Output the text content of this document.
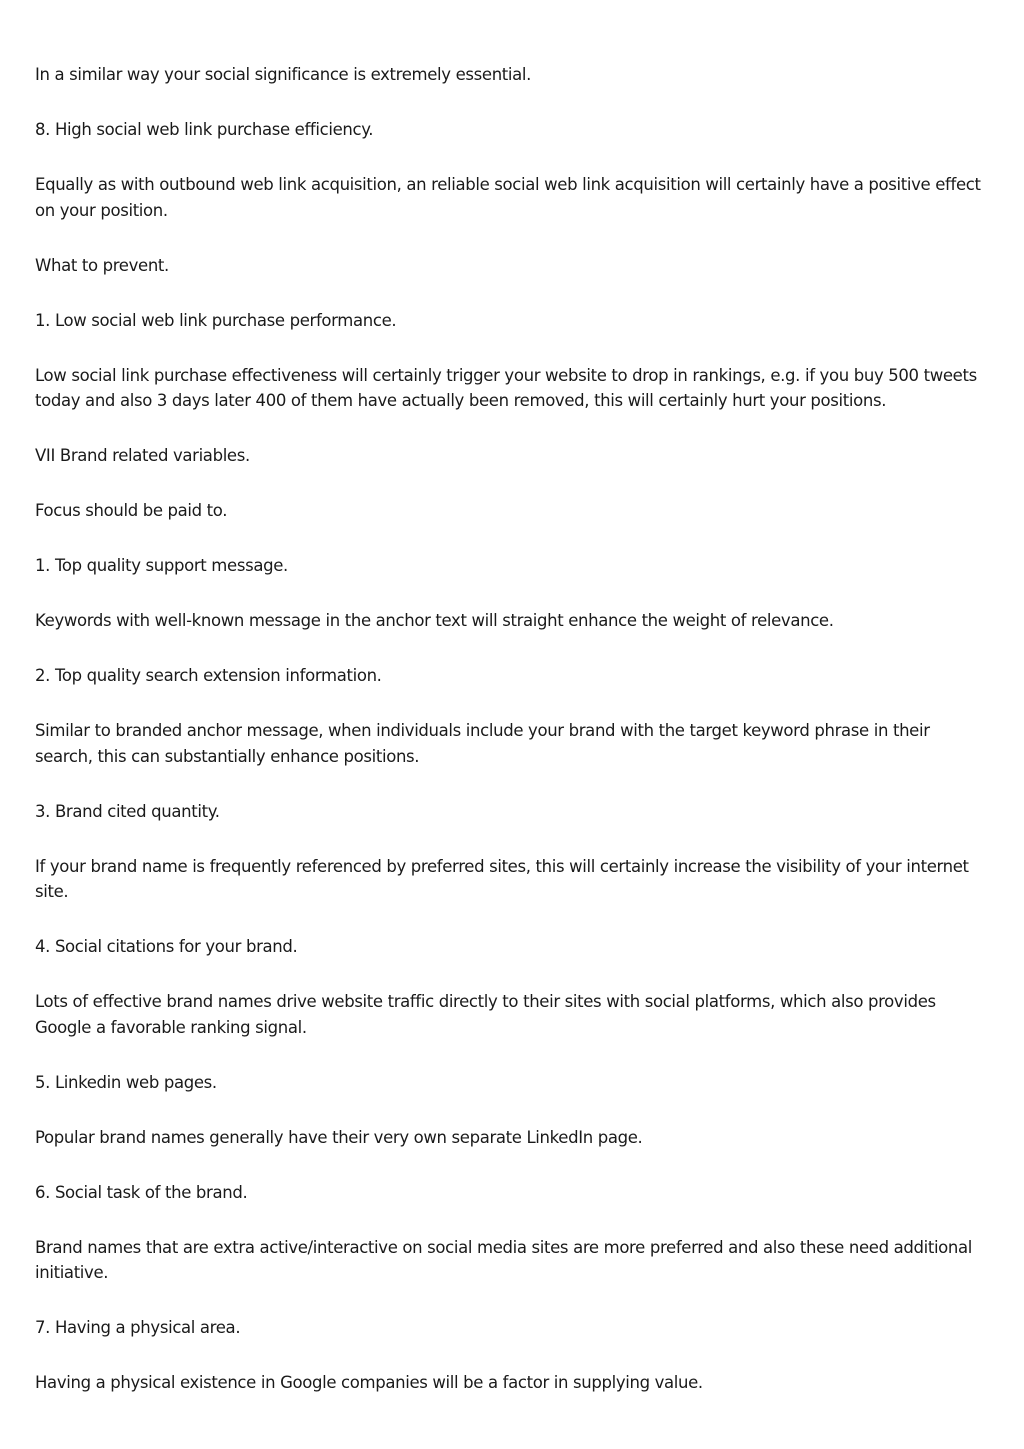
In a similar way your social significance is extremely essential.

8. High social web link purchase efficiency.

Equally as with outbound web link acquisition, an reliable social web link acquisition will certainly have a positive effect on your position.

What to prevent.

1. Low social web link purchase performance.

Low social link purchase effectiveness will certainly trigger your website to drop in rankings, e.g. if you buy 500 tweets today and also 3 days later 400 of them have actually been removed, this will certainly hurt your positions.

VII Brand related variables.

Focus should be paid to.

1. Top quality support message.

Keywords with well-known message in the anchor text will straight enhance the weight of relevance.

2. Top quality search extension information.

Similar to branded anchor message, when individuals include your brand with the target keyword phrase in their search, this can substantially enhance positions.

3. Brand cited quantity.

If your brand name is frequently referenced by preferred sites, this will certainly increase the visibility of your internet site.

4. Social citations for your brand.

Lots of effective brand names drive website traffic directly to their sites with social platforms, which also provides Google a favorable ranking signal.

5. Linkedin web pages.

Popular brand names generally have their very own separate LinkedIn page.

6. Social task of the brand.

Brand names that are extra active/interactive on social media sites are more preferred and also these need additional initiative.

7. Having a physical area.

Having a physical existence in Google companies will be a factor in supplying value.
